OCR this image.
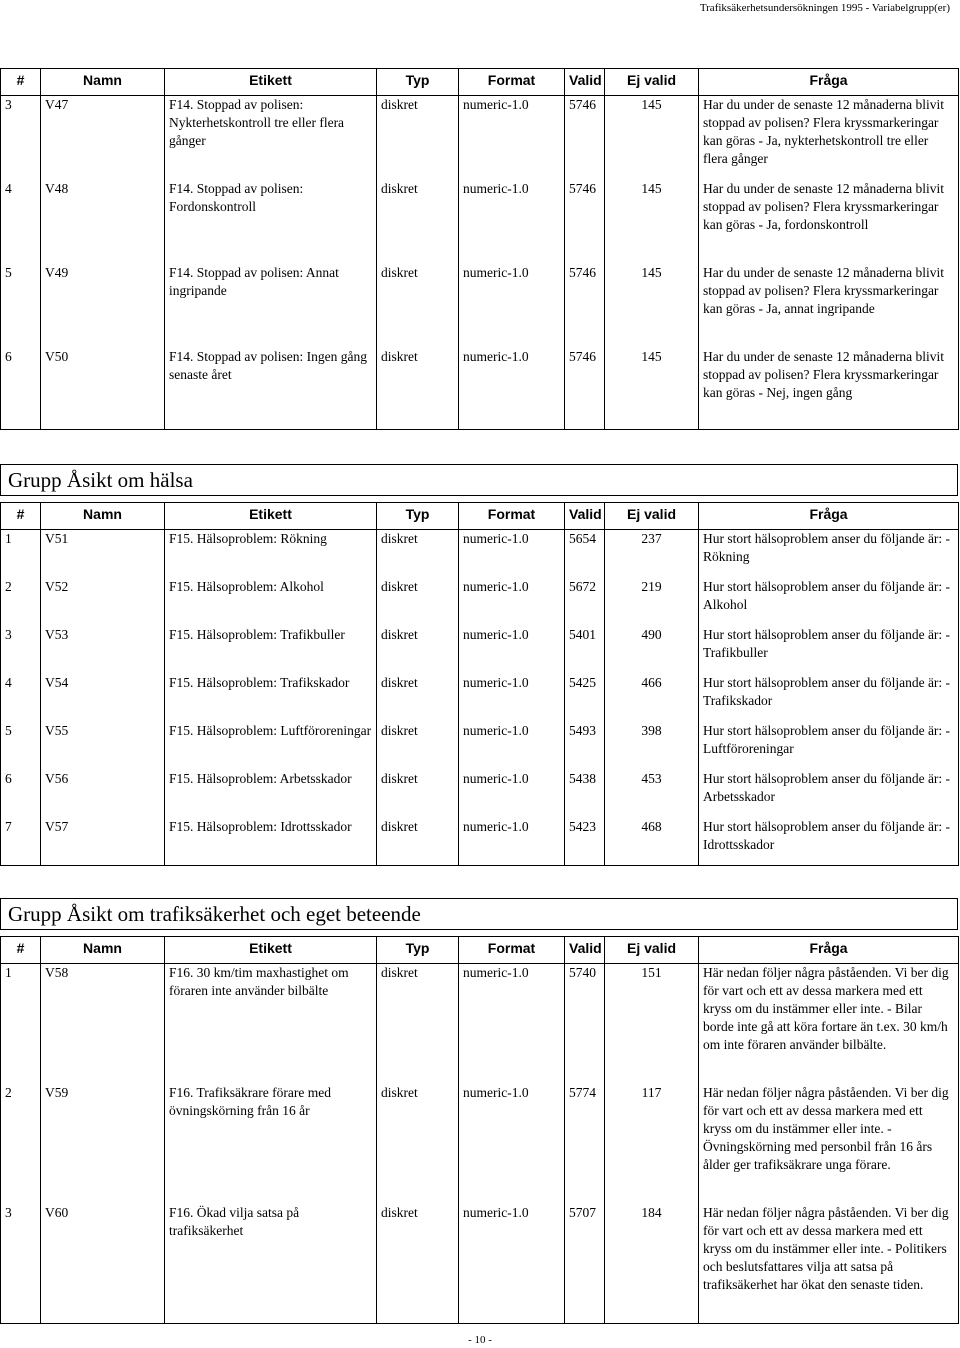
Trafiksäkerhetsundersökningen 1995 - Variabelgrupp(er)
#	Namn	Etikett	Typ	Format	Valid	Ej valid	Fråga
3	V47	F14. Stoppad av polisen: Nykterhetskontroll tre eller flera gånger	diskret	numeric-1.0	5746	145	Har du under de senaste 12 månaderna blivit stoppad av polisen? Flera kryssmarkeringar kan göras - Ja, nykterhetskontroll tre eller flera gånger
4	V48	F14. Stoppad av polisen: Fordonskontroll	diskret	numeric-1.0	5746	145	Har du under de senaste 12 månaderna blivit stoppad av polisen? Flera kryssmarkeringar kan göras - Ja, fordonskontroll
5	V49	F14. Stoppad av polisen: Annat ingripande	diskret	numeric-1.0	5746	145	Har du under de senaste 12 månaderna blivit stoppad av polisen? Flera kryssmarkeringar kan göras - Ja, annat ingripande
6	V50	F14. Stoppad av polisen: Ingen gång senaste året	diskret	numeric-1.0	5746	145	Har du under de senaste 12 månaderna blivit stoppad av polisen? Flera kryssmarkeringar kan göras - Nej, ingen gång
Grupp Åsikt om hälsa
#	Namn	Etikett	Typ	Format	Valid	Ej valid	Fråga
1	V51	F15. Hälsoproblem: Rökning	diskret	numeric-1.0	5654	237	Hur stort hälsoproblem anser du följande är: - Rökning
2	V52	F15. Hälsoproblem: Alkohol	diskret	numeric-1.0	5672	219	Hur stort hälsoproblem anser du följande är: - Alkohol
3	V53	F15. Hälsoproblem: Trafikbuller	diskret	numeric-1.0	5401	490	Hur stort hälsoproblem anser du följande är: - Trafikbuller
4	V54	F15. Hälsoproblem: Trafikskador	diskret	numeric-1.0	5425	466	Hur stort hälsoproblem anser du följande är: - Trafikskador
5	V55	F15. Hälsoproblem: Luftföroreningar	diskret	numeric-1.0	5493	398	Hur stort hälsoproblem anser du följande är: - Luftföroreningar
6	V56	F15. Hälsoproblem: Arbetsskador	diskret	numeric-1.0	5438	453	Hur stort hälsoproblem anser du följande är: - Arbetsskador
7	V57	F15. Hälsoproblem: Idrottsskador	diskret	numeric-1.0	5423	468	Hur stort hälsoproblem anser du följande är: - Idrottsskador
Grupp Åsikt om trafiksäkerhet och eget beteende
#	Namn	Etikett	Typ	Format	Valid	Ej valid	Fråga
1	V58	F16. 30 km/tim maxhastighet om föraren inte använder bilbälte	diskret	numeric-1.0	5740	151	Här nedan följer några påståenden. Vi ber dig för vart och ett av dessa markera med ett kryss om du instämmer eller inte. - Bilar borde inte gå att köra fortare än t.ex. 30 km/h om inte föraren använder bilbälte.
2	V59	F16. Trafiksäkrare förare med övningskörning från 16 år	diskret	numeric-1.0	5774	117	Här nedan följer några påståenden. Vi ber dig för vart och ett av dessa markera med ett kryss om du instämmer eller inte. - Övningskörning med personbil från 16 års ålder ger trafiksäkrare unga förare.
3	V60	F16. Ökad vilja satsa på trafiksäkerhet	diskret	numeric-1.0	5707	184	Här nedan följer några påståenden. Vi ber dig för vart och ett av dessa markera med ett kryss om du instämmer eller inte. - Politikers och beslutsfattares vilja att satsa på trafiksäkerhet har ökat den senaste tiden.
- 10 -
